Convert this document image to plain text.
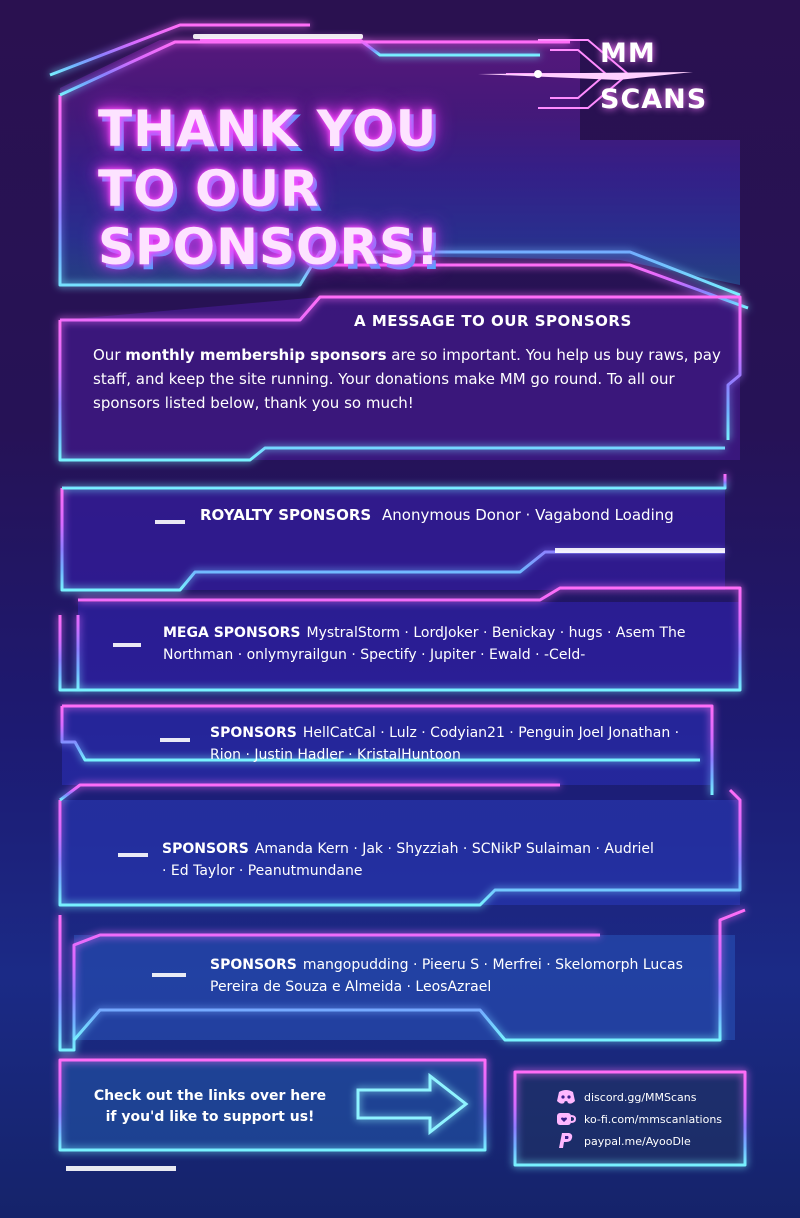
MM
SCANS
THANK YOU
TO OUR SPONSORS!
A MESSAGE TO OUR SPONSORS
Our monthly membership sponsors are so important. You help us buy raws, pay staff, and keep the site running. Your donations make MM go round. To all our sponsors listed below, thank you so much!
ROYALTY SPONSORS Anonymous Donor · Vagabond Loading
MEGA SPONSORS MystralStorm · LordJoker · Benickay · hugs · Asem The Northman · onlymyrailgun · Spectify · Jupiter · Ewald · -Celd-
SPONSORS HellCatCal · Lulz · Codyian21 · Penguin Joel Jonathan · Rion · Justin Hadler · KristalHuntoon
SPONSORS Amanda Kern · Jak · Shyzziah · SCNikP Sulaiman · Audriel · Ed Taylor · Peanutmundane
SPONSORS mangopudding · Pieeru S · Merfrei · Skelomorph Lucas Pereira de Souza e Almeida · LeosAzrael
Check out the links over here
if you'd like to support us!
discord.gg/MMScans
ko-fi.com/mmscanlations
paypal.me/AyooDle
